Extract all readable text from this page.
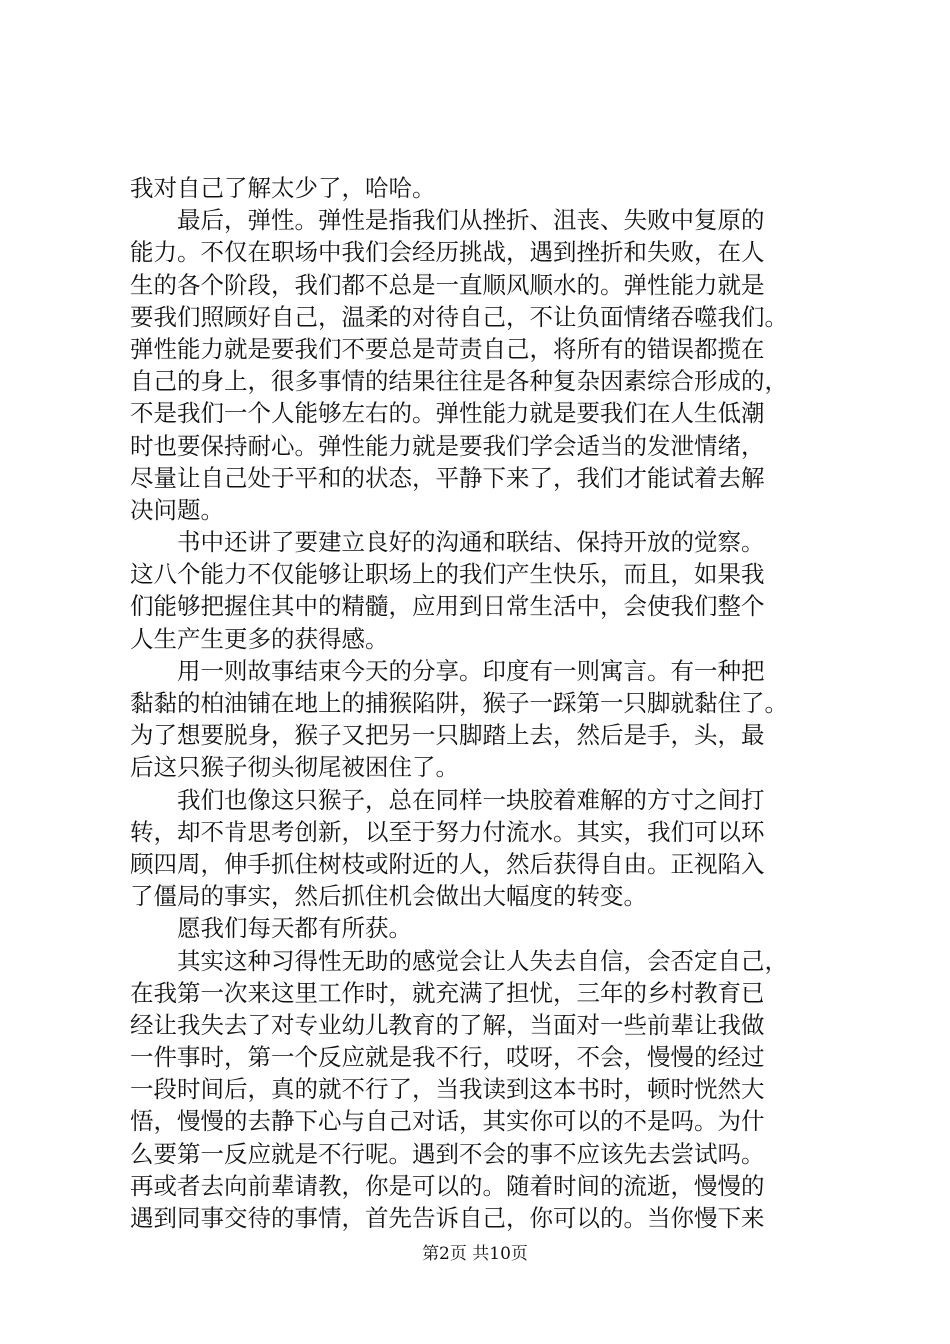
我对自己了解太少了，哈哈。
最后，弹性。弹性是指我们从挫折、沮丧、失败中复原的
能力。不仅在职场中我们会经历挑战，遇到挫折和失败，在人
生的各个阶段，我们都不总是一直顺风顺水的。弹性能力就是
要我们照顾好自己，温柔的对待自己，不让负面情绪吞噬我们。
弹性能力就是要我们不要总是苛责自己，将所有的错误都揽在
自己的身上，很多事情的结果往往是各种复杂因素综合形成的，
不是我们一个人能够左右的。弹性能力就是要我们在人生低潮
时也要保持耐心。弹性能力就是要我们学会适当的发泄情绪，
尽量让自己处于平和的状态，平静下来了，我们才能试着去解
决问题。
书中还讲了要建立良好的沟通和联结、保持开放的觉察。
这八个能力不仅能够让职场上的我们产生快乐，而且，如果我
们能够把握住其中的精髓，应用到日常生活中，会使我们整个
人生产生更多的获得感。
用一则故事结束今天的分享。印度有一则寓言。有一种把
黏黏的柏油铺在地上的捕猴陷阱，猴子一踩第一只脚就黏住了。
为了想要脱身，猴子又把另一只脚踏上去，然后是手，头，最
后这只猴子彻头彻尾被困住了。
我们也像这只猴子，总在同样一块胶着难解的方寸之间打
转，却不肯思考创新，以至于努力付流水。其实，我们可以环
顾四周，伸手抓住树枝或附近的人，然后获得自由。正视陷入
了僵局的事实，然后抓住机会做出大幅度的转变。
愿我们每天都有所获。
其实这种习得性无助的感觉会让人失去自信，会否定自己，
在我第一次来这里工作时，就充满了担忧，三年的乡村教育已
经让我失去了对专业幼儿教育的了解，当面对一些前辈让我做
一件事时，第一个反应就是我不行，哎呀，不会，慢慢的经过
一段时间后，真的就不行了，当我读到这本书时，顿时恍然大
悟，慢慢的去静下心与自己对话，其实你可以的不是吗。为什
么要第一反应就是不行呢。遇到不会的事不应该先去尝试吗。
再或者去向前辈请教，你是可以的。随着时间的流逝，慢慢的
遇到同事交待的事情，首先告诉自己，你可以的。当你慢下来
第2页 共10页
